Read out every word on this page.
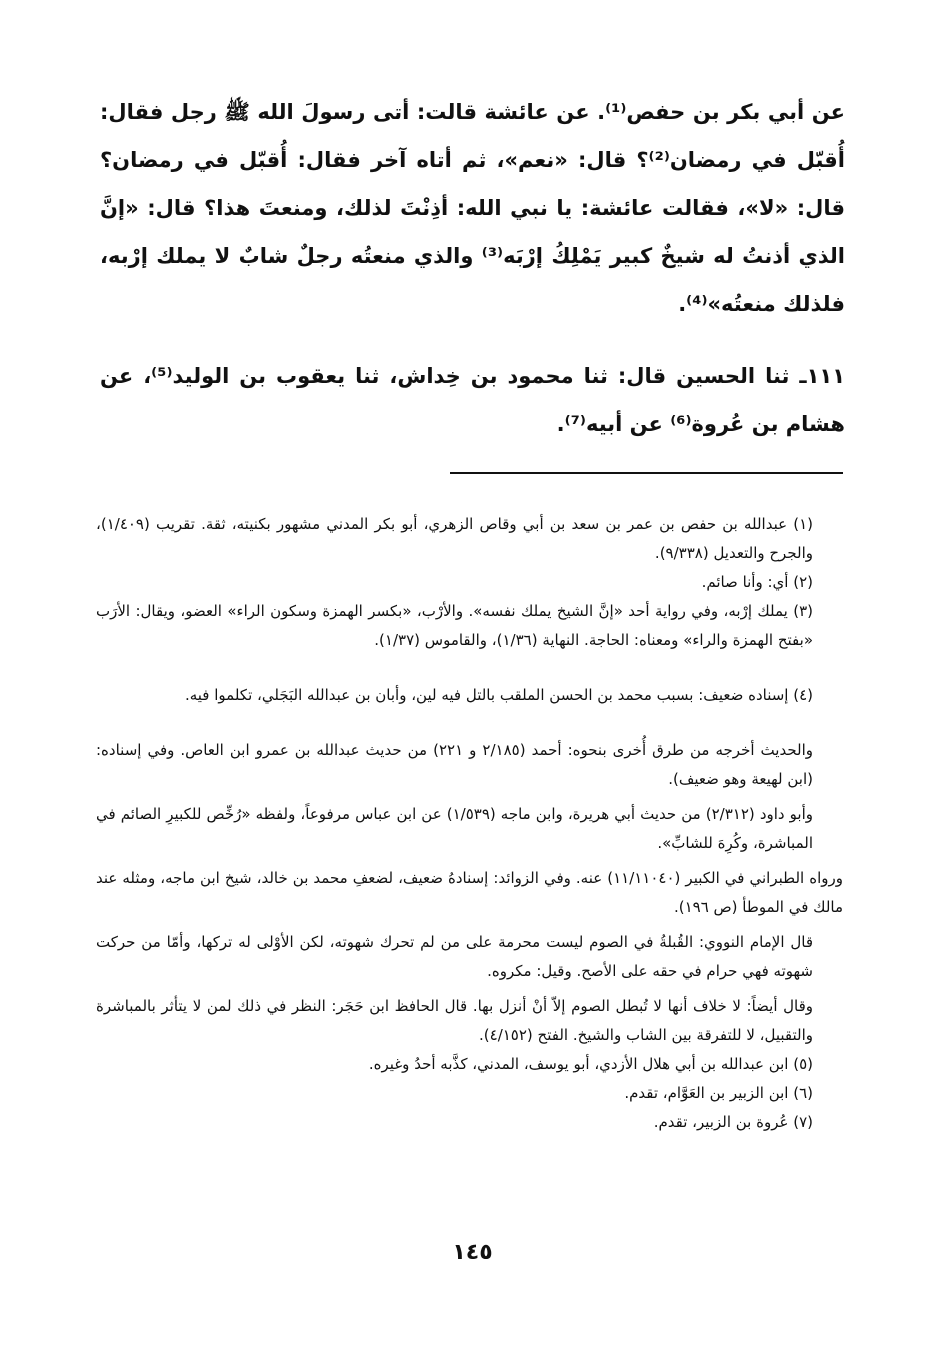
عن أبي بكر بن حفص⁽¹⁾. عن عائشة قالت: أتى رسولَ الله ﷺ رجل فقال: أُقبّل في رمضان⁽²⁾؟ قال: «نعم»، ثم أتاه آخر فقال: أُقبّل في رمضان؟ قال: «لا»، فقالت عائشة: يا نبي الله: أذِنْتَ لذلك، ومنعتَ هذا؟ قال: «إنَّ الذي أذنتُ له شيخٌ كبير يَمْلِكُ إرْبَه⁽³⁾ والذي منعتُه رجلٌ شابٌ لا يملك إرْبه، فلذلك منعتُه»⁽⁴⁾.

١١١ـ ثنا الحسين قال: ثنا محمود بن خِداش، ثنا يعقوب بن الوليد⁽⁵⁾، عن هشام بن عُروة⁽⁶⁾ عن أبيه⁽⁷⁾.

(١) عبدالله بن حفص بن عمر بن سعد بن أبي وقاص الزهري، أبو بكر المدني مشهور بكنيته، ثقة. تقريب (١/٤٠٩)، والجرح والتعديل (٩/٣٣٨).

(٢) أي: وأنا صائم.

(٣) يملك إرْبه، وفي رواية أحد «إنَّ الشيخ يملك نفسه». والأرْب، «بكسر الهمزة وسكون الراء» العضو، ويقال: الأرَب «بفتح الهمزة والراء» ومعناه: الحاجة. النهاية (١/٣٦)، والقاموس (١/٣٧).

(٤) إسناده ضعيف: بسبب محمد بن الحسن الملقب بالتل فيه لين، وأبان بن عبدالله البَجَلي، تكلموا فيه.

والحديث أخرجه من طرق أُخرى بنحوه: أحمد (٢/١٨٥ و ٢٢١) من حديث عبدالله بن عمرو ابن العاص. وفي إسناده: (ابن لهيعة وهو ضعيف).

وأبو داود (٢/٣١٢) من حديث أبي هريرة، وابن ماجه (١/٥٣٩) عن ابن عباس مرفوعاً، ولفظه «رُخِّص للكبيرِ الصائم في المباشرة، وكُرِهَ للشابِّ».

ورواه الطبراني في الكبير (١١/١١٠٤٠) عنه. وفي الزوائد: إسنادهُ ضعيف، لضعفِ محمد بن خالد، شيخ ابن ماجه، ومثله عند مالك في الموطأ (ص ١٩٦).

قال الإمام النووي: القُبلةُ في الصوم ليست محرمة على من لم تحرك شهوته، لكن الأوْلى له تركها، وأمّا من حركت شهوته فهي حرام في حقه على الأصح. وقيل: مكروه.

وقال أيضاً: لا خلاف أنها لا تُبطل الصوم إلاّ أنْ أنزل بها. قال الحافظ ابن حَجَر: النظر في ذلك لمن لا يتأثر بالمباشرة والتقبيل، لا للتفرقة بين الشاب والشيخ. الفتح (٤/١٥٢).

(٥) ابن عبدالله بن أبي هلال الأزدي، أبو يوسف، المدني، كذَّبه أحدُ وغيره.

(٦) ابن الزبير بن العَوَّام، تقدم.

(٧) عُروة بن الزبير، تقدم.

١٤٥
